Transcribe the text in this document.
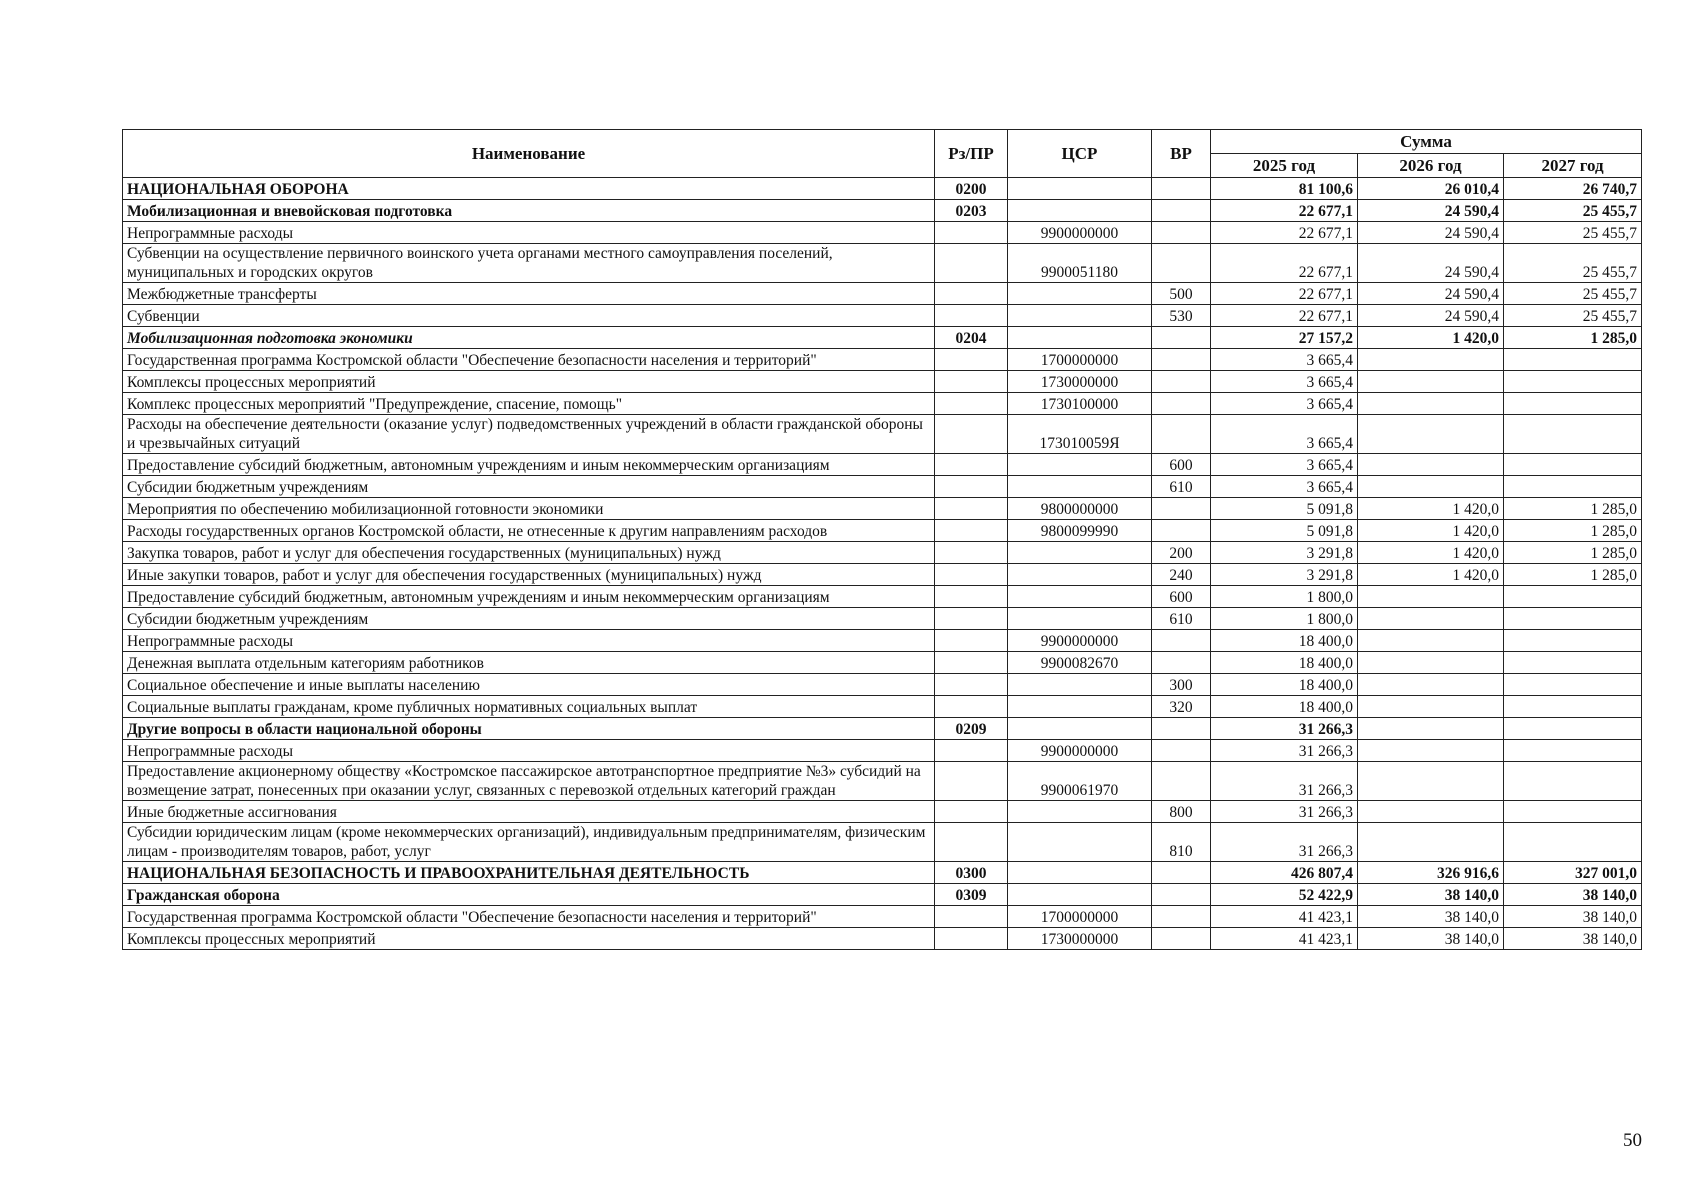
Наименование	Рз/ПР	ЦСР	ВР	Сумма		
				2025 год	2026 год	2027 год
НАЦИОНАЛЬНАЯ ОБОРОНА	0200			81 100,6	26 010,4	26 740,7
Мобилизационная и вневойсковая подготовка	0203			22 677,1	24 590,4	25 455,7
Непрограммные расходы		9900000000		22 677,1	24 590,4	25 455,7
Субвенции на осуществление первичного воинского учета органами местного самоуправления поселений, муниципальных и городских округов		9900051180		22 677,1	24 590,4	25 455,7
Межбюджетные трансферты			500	22 677,1	24 590,4	25 455,7
Субвенции			530	22 677,1	24 590,4	25 455,7
Мобилизационная подготовка экономики	0204			27 157,2	1 420,0	1 285,0
Государственная программа Костромской области "Обеспечение безопасности населения и территорий"		1700000000		3 665,4		
Комплексы процессных мероприятий		1730000000		3 665,4		
Комплекс процессных мероприятий "Предупреждение, спасение, помощь"		1730100000		3 665,4		
Расходы на обеспечение деятельности (оказание услуг) подведомственных учреждений в области гражданской обороны и чрезвычайных ситуаций		173010059Я		3 665,4		
Предоставление субсидий бюджетным, автономным учреждениям и иным некоммерческим организациям			600	3 665,4		
Субсидии бюджетным учреждениям			610	3 665,4		
Мероприятия по обеспечению мобилизационной готовности экономики		9800000000		5 091,8	1 420,0	1 285,0
Расходы государственных органов Костромской области, не отнесенные к другим направлениям расходов		9800099990		5 091,8	1 420,0	1 285,0
Закупка товаров, работ и услуг для обеспечения государственных (муниципальных) нужд			200	3 291,8	1 420,0	1 285,0
Иные закупки товаров, работ и услуг для обеспечения государственных (муниципальных) нужд			240	3 291,8	1 420,0	1 285,0
Предоставление субсидий бюджетным, автономным учреждениям и иным некоммерческим организациям			600	1 800,0		
Субсидии бюджетным учреждениям			610	1 800,0		
Непрограммные расходы		9900000000		18 400,0		
Денежная выплата отдельным категориям работников		9900082670		18 400,0		
Социальное обеспечение и иные выплаты населению			300	18 400,0		
Социальные выплаты гражданам, кроме публичных нормативных социальных выплат			320	18 400,0		
Другие вопросы в области национальной обороны	0209			31 266,3		
Непрограммные расходы		9900000000		31 266,3		
Предоставление акционерному обществу «Костромское пассажирское автотранспортное предприятие №3» субсидий на возмещение затрат, понесенных при оказании услуг, связанных с перевозкой отдельных категорий граждан		9900061970		31 266,3		
Иные бюджетные ассигнования			800	31 266,3		
Субсидии юридическим лицам (кроме некоммерческих организаций), индивидуальным предпринимателям, физическим лицам - производителям товаров, работ, услуг			810	31 266,3		
НАЦИОНАЛЬНАЯ БЕЗОПАСНОСТЬ И ПРАВООХРАНИТЕЛЬНАЯ ДЕЯТЕЛЬНОСТЬ	0300			426 807,4	326 916,6	327 001,0
Гражданская оборона	0309			52 422,9	38 140,0	38 140,0
Государственная программа Костромской области "Обеспечение безопасности населения и территорий"		1700000000		41 423,1	38 140,0	38 140,0
Комплексы процессных мероприятий		1730000000		41 423,1	38 140,0	38 140,0
50
